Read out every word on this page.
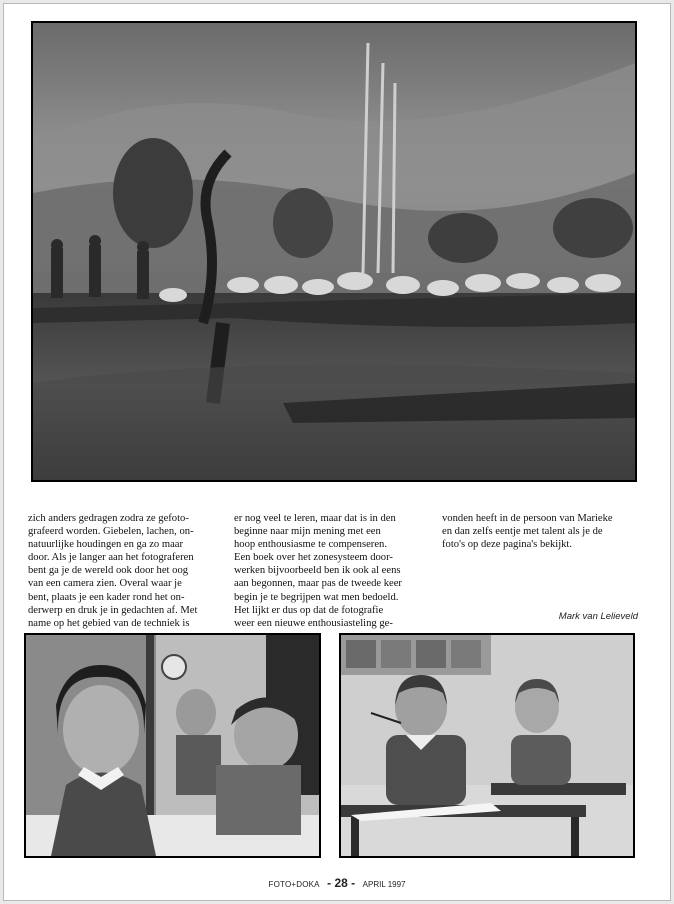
zich anders gedragen zodra ze gefoto-
grafeerd worden. Giebelen, lachen, on-
natuurlijke houdingen en ga zo maar
door. Als je langer aan het fotograferen
bent ga je de wereld ook door het oog
van een camera zien. Overal waar je
bent, plaats je een kader rond het on-
derwerp en druk je in gedachten af. Met
name op het gebied van de techniek is
er nog veel te leren, maar dat is in den
beginne naar mijn mening met een
hoop enthousiasme te compenseren.
Een boek over het zonesysteem door-
werken bijvoorbeeld ben ik ook al eens
aan begonnen, maar pas de tweede keer
begin je te begrijpen wat men bedoeld.
Het lijkt er dus op dat de fotografie
weer een nieuwe enthousiasteling ge-
vonden heeft in de persoon van Marieke
en dan zelfs eentje met talent als je de
foto's op deze pagina's bekijkt.
Mark van Lelieveld
FOTO+DOKA - 28 - APRIL 1997
